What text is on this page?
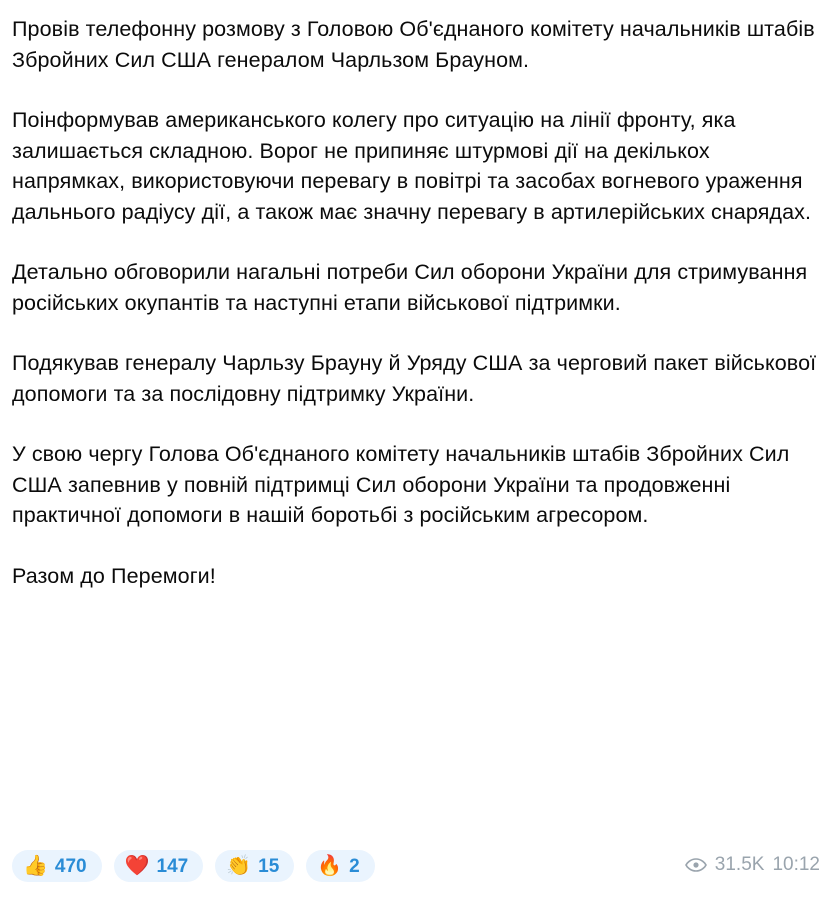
Провів телефонну розмову з Головою Об'єднаного комітету начальників штабів Збройних Сил США генералом Чарльзом Брауном.

Поінформував американського колегу про ситуацію на лінії фронту, яка залишається складною. Ворог не припиняє штурмові дії на декількох напрямках, використовуючи перевагу в повітрі та засобах вогневого ураження дальнього радіусу дії, а також має значну перевагу в артилерійських снарядах.

Детально обговорили нагальні потреби Сил оборони України для стримування російських окупантів та наступні етапи військової підтримки.

Подякував генералу Чарльзу Брауну й Уряду США за черговий пакет військової допомоги та за послідовну підтримку України.

У свою чергу Голова Об'єднаного комітету начальників штабів Збройних Сил США запевнив у повній підтримці Сил оборони України та продовженні практичної допомоги в нашій боротьбі з російським агресором.

Разом до Перемоги!

👍 470 ❤️ 147 👏 15 🔥 2	31.5K 10:12
